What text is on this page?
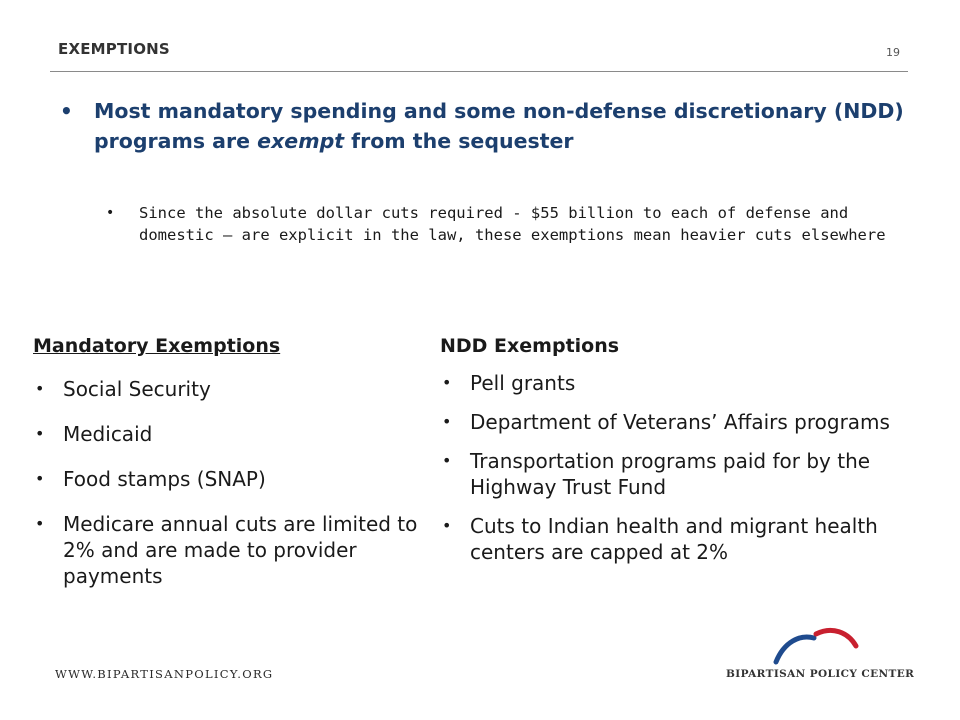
EXEMPTIONS	19
• Most mandatory spending and some non-defense discretionary (NDD) programs are exempt from the sequester
• Since the absolute dollar cuts required - $55 billion to each of defense and domestic – are explicit in the law, these exemptions mean heavier cuts elsewhere
Mandatory Exemptions
• Social Security
• Medicaid
• Food stamps (SNAP)
• Medicare annual cuts are limited to 2% and are made to provider payments
NDD Exemptions
• Pell grants
• Department of Veterans’ Affairs programs
• Transportation programs paid for by the Highway Trust Fund
• Cuts to Indian health and migrant health centers are capped at 2%
WWW.BIPARTISANPOLICY.ORG	BIPARTISAN POLICY CENTER
